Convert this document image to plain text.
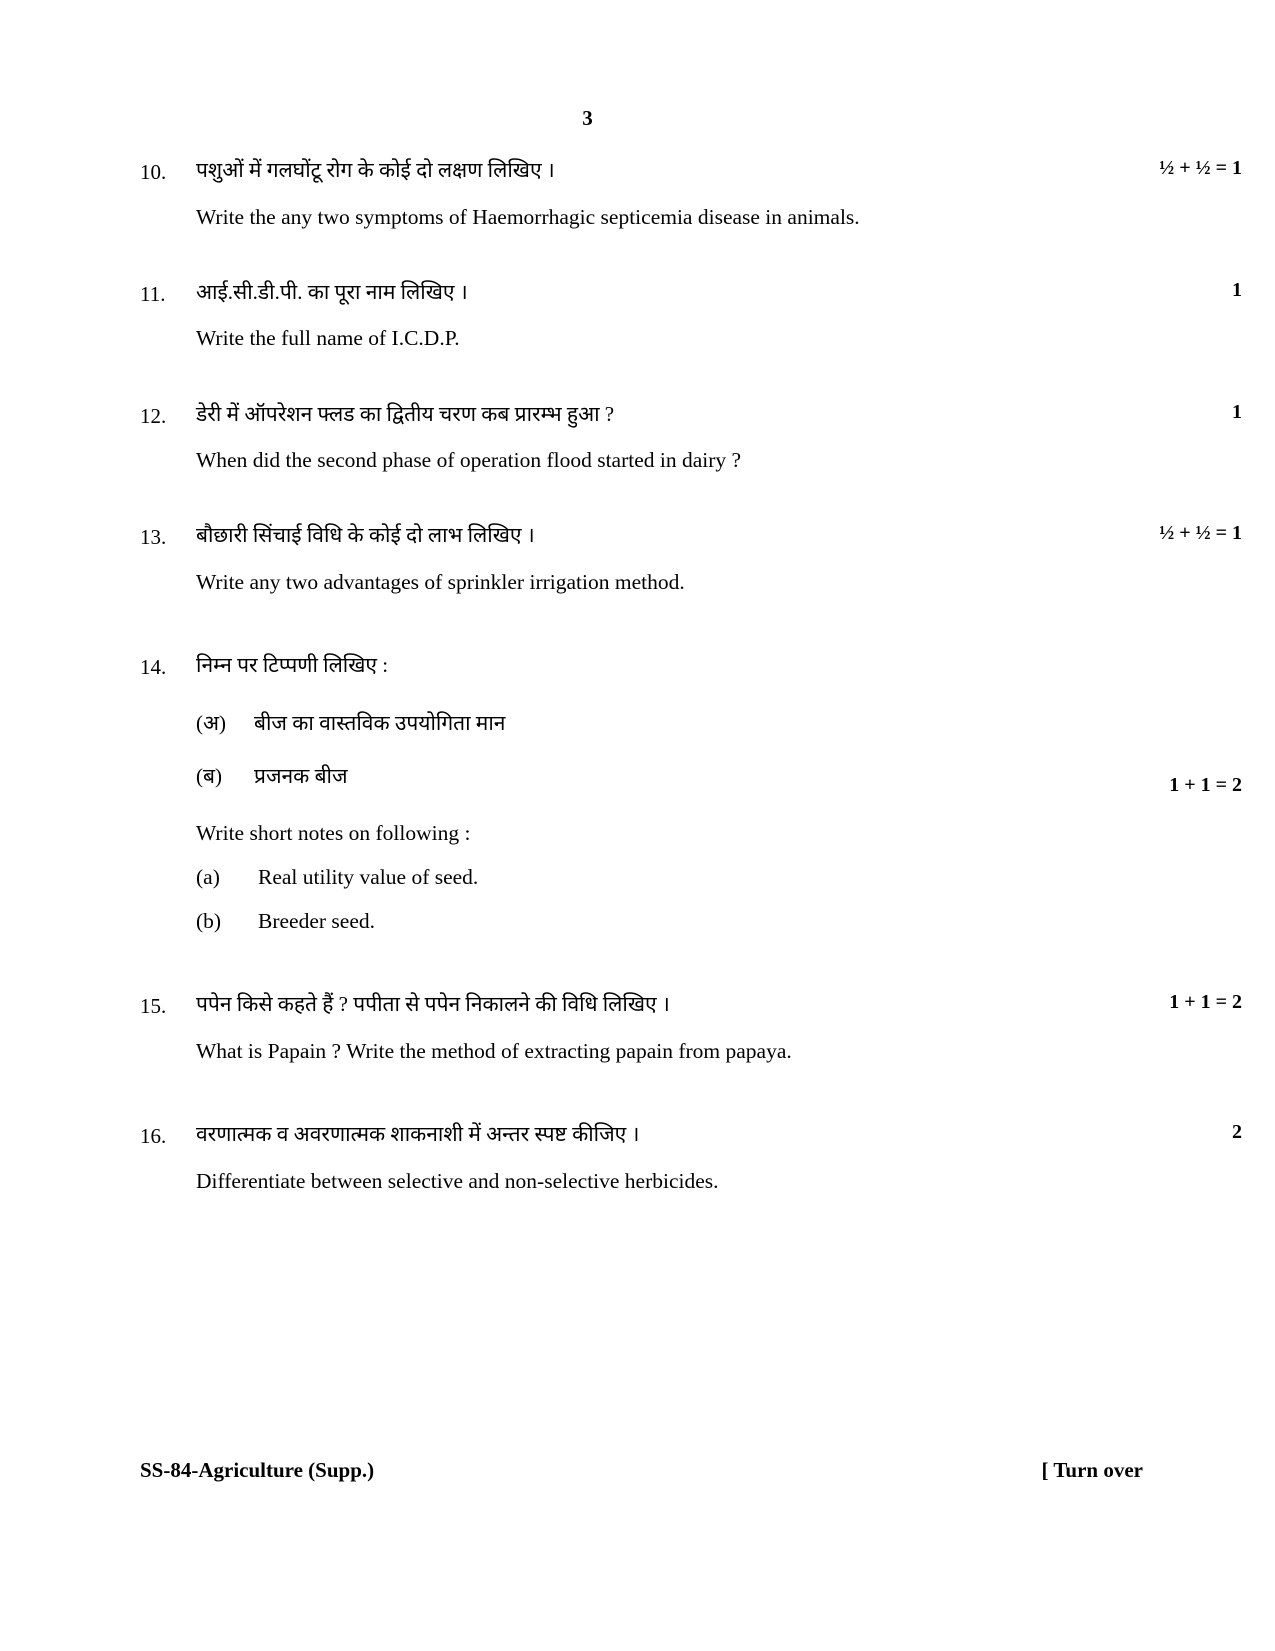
3
½ + ½ = 1
10.	पशुओं में गलघोंटू रोग के कोई दो लक्षण लिखिए ।
Write the any two symptoms of Haemorrhagic septicemia disease in animals.
1
11.	आई.सी.डी.पी. का पूरा नाम लिखिए ।
Write the full name of I.C.D.P.
1
12.	डेरी में ऑपरेशन फ्लड का द्वितीय चरण कब प्रारम्भ हुआ ?
When did the second phase of operation flood started in dairy ?
½ + ½ = 1
13.	बौछारी सिंचाई विधि के कोई दो लाभ लिखिए ।
Write any two advantages of sprinkler irrigation method.
1 + 1 = 2
14.	निम्न पर टिप्पणी लिखिए :
(अ)	बीज का वास्तविक उपयोगिता मान
(ब)	प्रजनक बीज
Write short notes on following :
(a)	Real utility value of seed.
(b)	Breeder seed.
1 + 1 = 2
15.	पपेन किसे कहते हैं ? पपीता से पपेन निकालने की विधि लिखिए ।
What is Papain ? Write the method of extracting papain from papaya.
2
16.	वरणात्मक व अवरणात्मक शाकनाशी में अन्तर स्पष्ट कीजिए ।
Differentiate between selective and non-selective herbicides.
SS-84-Agriculture (Supp.)	[ Turn over
